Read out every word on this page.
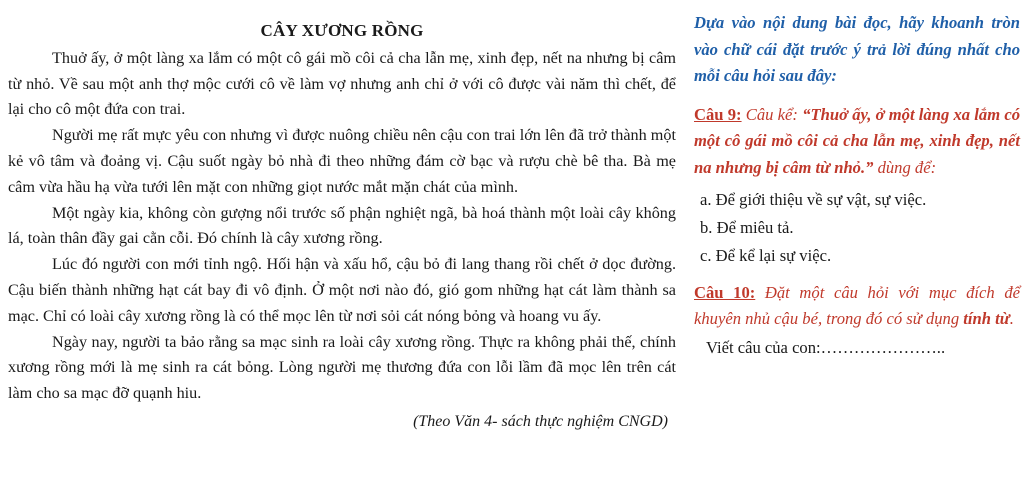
CÂY XƯƠNG RỒNG

Thuở ấy, ở một làng xa lắm có một cô gái mồ côi cả cha lẫn mẹ, xinh đẹp, nết na nhưng bị câm từ nhỏ. Về sau một anh thợ mộc cưới cô về làm vợ nhưng anh chỉ ở với cô được vài năm thì chết, để lại cho cô một đứa con trai.

Người mẹ rất mực yêu con nhưng vì được nuông chiều nên cậu con trai lớn lên đã trở thành một kẻ vô tâm và đoảng vị. Cậu suốt ngày bỏ nhà đi theo những đám cờ bạc và rượu chè bê tha. Bà mẹ câm vừa hầu hạ vừa tưới lên mặt con những giọt nước mắt mặn chát của mình.

Một ngày kia, không còn gượng nổi trước số phận nghiệt ngã, bà hoá thành một loài cây không lá, toàn thân đầy gai cằn cỗi. Đó chính là cây xương rồng.

Lúc đó người con mới tỉnh ngộ. Hối hận và xấu hổ, cậu bỏ đi lang thang rồi chết ở dọc đường. Cậu biến thành những hạt cát bay đi vô định. Ở một nơi nào đó, gió gom những hạt cát làm thành sa mạc. Chỉ có loài cây xương rồng là có thể mọc lên từ nơi sỏi cát nóng bỏng và hoang vu ấy.

Ngày nay, người ta bảo rằng sa mạc sinh ra loài cây xương rồng. Thực ra không phải thế, chính xương rồng mới là mẹ sinh ra cát bỏng. Lòng người mẹ thương đứa con lỗi lầm đã mọc lên trên cát làm cho sa mạc đỡ quạnh hiu.

(Theo Văn 4- sách thực nghiệm CNGD)

Dựa vào nội dung bài đọc, hãy khoanh tròn vào chữ cái đặt trước ý trả lời đúng nhất cho mỗi câu hỏi sau đây:

Câu 9: Câu kể: “Thuở ấy, ở một làng xa lắm có một cô gái mồ côi cả cha lẫn mẹ, xinh đẹp, nết na nhưng bị câm từ nhỏ.” dùng để:

a. Để giới thiệu về sự vật, sự việc.
b. Để miêu tả.
c. Để kể lại sự việc.

Câu 10: Đặt một câu hỏi với mục đích để khuyên nhủ cậu bé, trong đó có sử dụng tính từ.

Viết câu của con:…………………..
